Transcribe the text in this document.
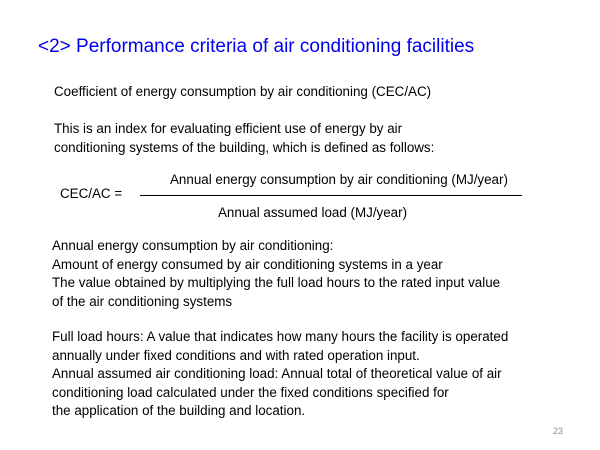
<2> Performance criteria of air conditioning facilities
Coefficient of energy consumption by air conditioning (CEC/AC)
This is an index for evaluating efficient use of energy by air
conditioning systems of the building, which is defined as follows:
CEC/AC =
Annual energy consumption by air conditioning (MJ/year)
Annual assumed load (MJ/year)
Annual energy consumption by air conditioning:
Amount of energy consumed by air conditioning systems in a year
The value obtained by multiplying the full load hours to the rated input value
of the air conditioning systems
Full load hours: A value that indicates how many hours the facility is operated
annually under fixed conditions and with rated operation input.
Annual assumed air conditioning load: Annual total of theoretical value of air
conditioning load calculated under the fixed conditions specified for
the application of the building and location.
23
